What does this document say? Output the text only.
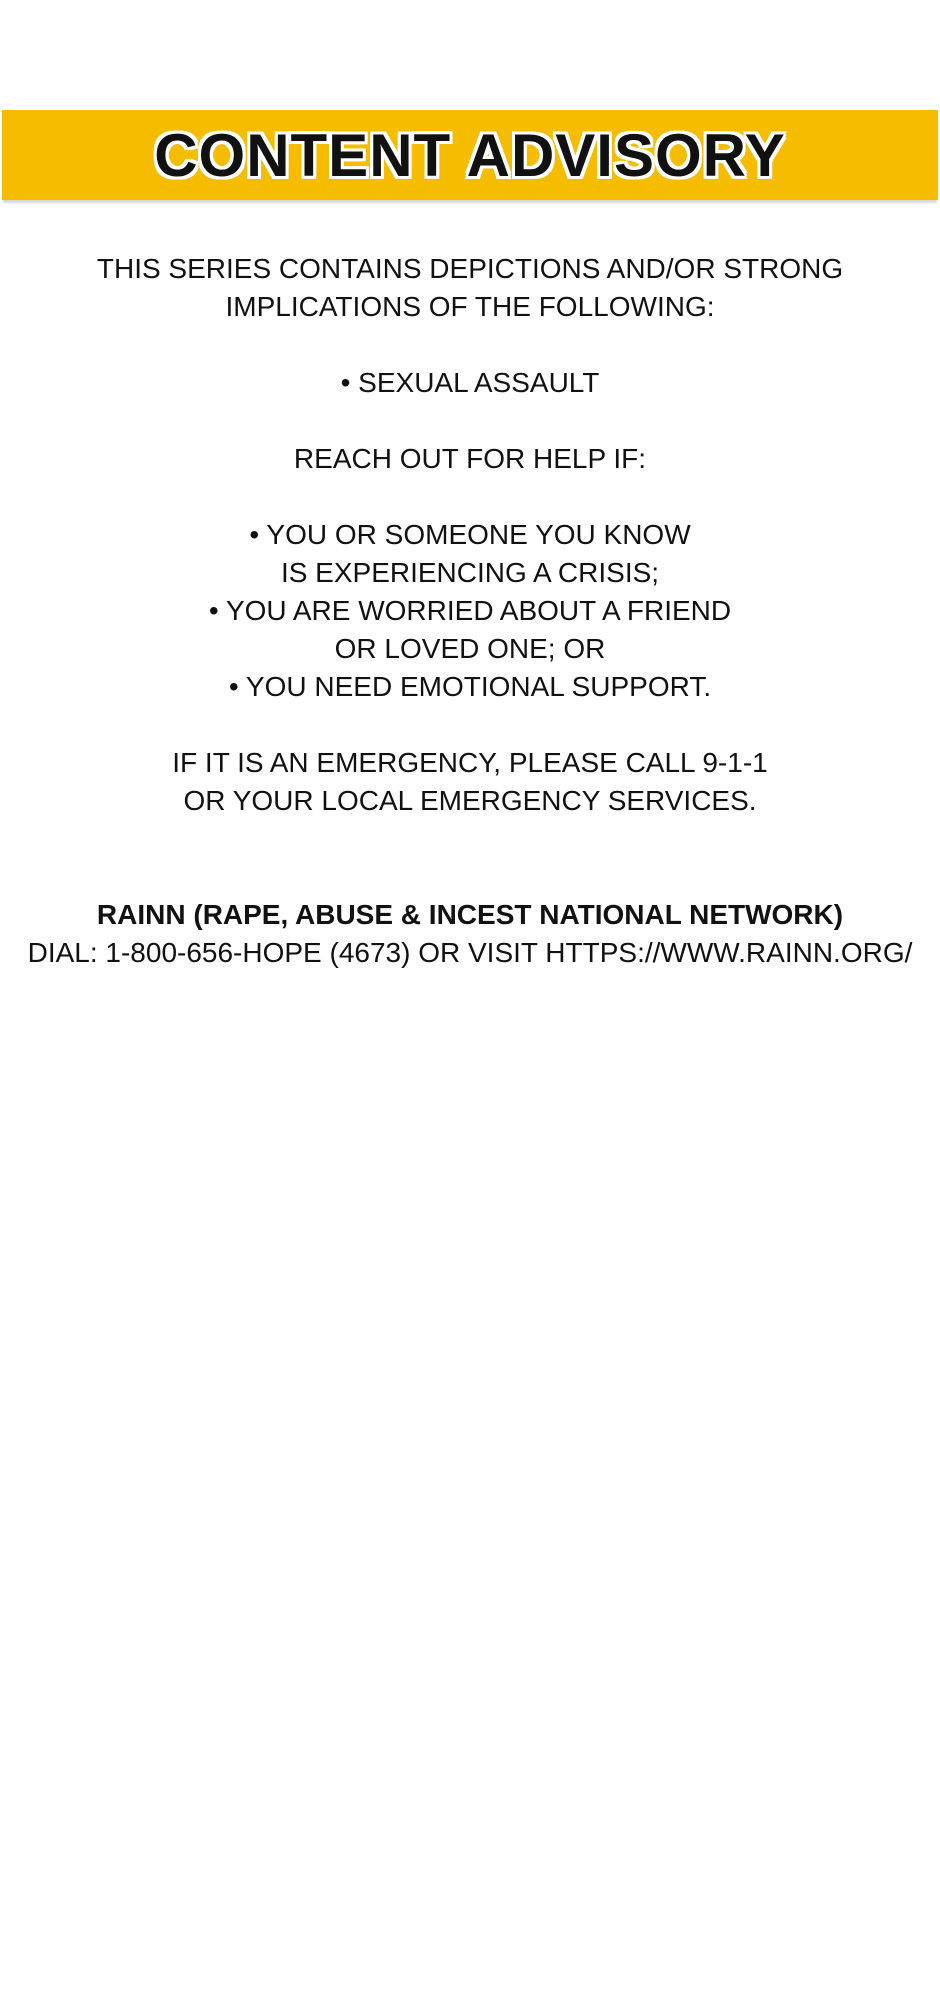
CONTENT ADVISORY

THIS SERIES CONTAINS DEPICTIONS AND/OR STRONG
IMPLICATIONS OF THE FOLLOWING:

• SEXUAL ASSAULT

REACH OUT FOR HELP IF:

• YOU OR SOMEONE YOU KNOW
IS EXPERIENCING A CRISIS;
• YOU ARE WORRIED ABOUT A FRIEND
OR LOVED ONE; OR
• YOU NEED EMOTIONAL SUPPORT.

IF IT IS AN EMERGENCY, PLEASE CALL 9-1-1
OR YOUR LOCAL EMERGENCY SERVICES.

RAINN (RAPE, ABUSE & INCEST NATIONAL NETWORK)
DIAL: 1-800-656-HOPE (4673) OR VISIT HTTPS://WWW.RAINN.ORG/
